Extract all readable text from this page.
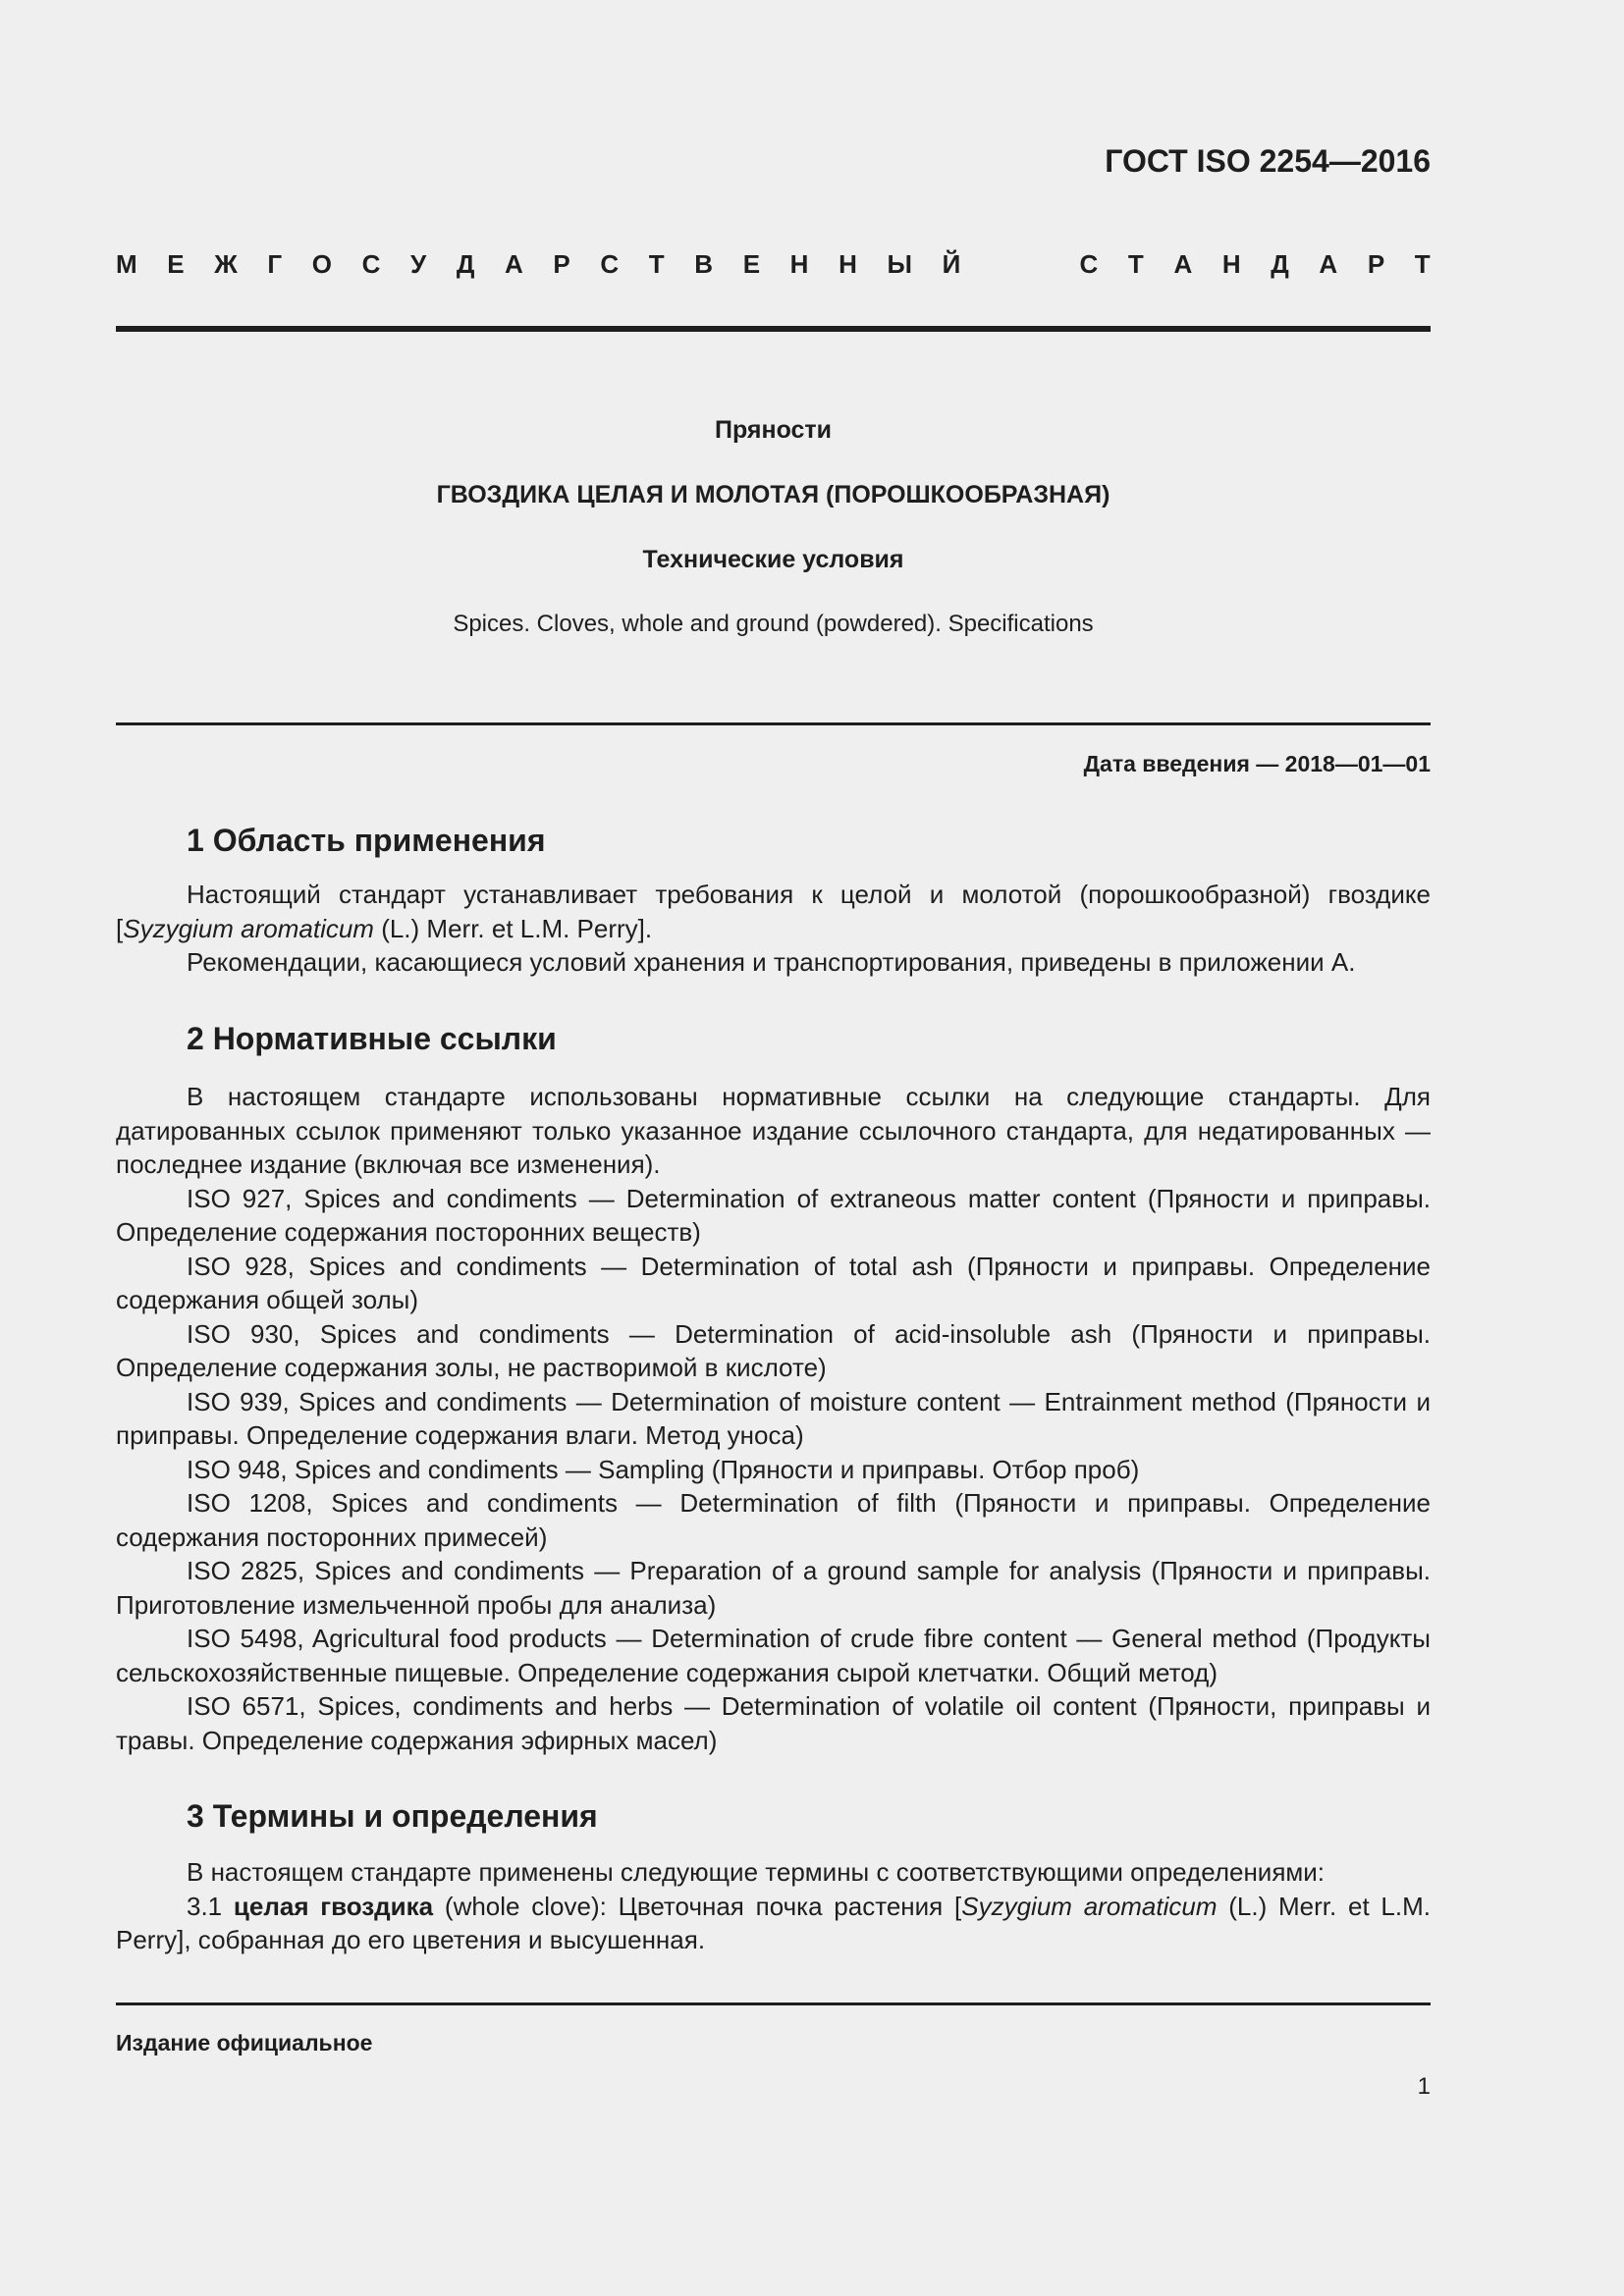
ГОСТ ISO 2254—2016
М Е Ж Г О С У Д А Р С Т В Е Н Н Ы Й	С Т А Н Д А Р Т
Пряности
ГВОЗДИКА ЦЕЛАЯ И МОЛОТАЯ (ПОРОШКООБРАЗНАЯ)
Технические условия
Spices. Cloves, whole and ground (powdered). Specifications
Дата введения — 2018—01—01
1 Область применения

Настоящий стандарт устанавливает требования к целой и молотой (порошкообразной) гвоздике [Syzygium aromaticum (L.) Merr. et L.M. Perry].

Рекомендации, касающиеся условий хранения и транспортирования, приведены в приложении А.

2 Нормативные ссылки

В настоящем стандарте использованы нормативные ссылки на следующие стандарты. Для датированных ссылок применяют только указанное издание ссылочного стандарта, для недатированных — последнее издание (включая все изменения).

ISO 927, Spices and condiments — Determination of extraneous matter content (Пряности и приправы. Определение содержания посторонних веществ)

ISO 928, Spices and condiments — Determination of total ash (Пряности и приправы. Определение содержания общей золы)

ISO 930, Spices and condiments — Determination of acid-insoluble ash (Пряности и приправы. Определение содержания золы, не растворимой в кислоте)

ISO 939, Spices and condiments — Determination of moisture content — Entrainment method (Пряности и приправы. Определение содержания влаги. Метод уноса)

ISO 948, Spices and condiments — Sampling (Пряности и приправы. Отбор проб)

ISO 1208, Spices and condiments — Determination of filth (Пряности и приправы. Определение содержания посторонних примесей)

ISO 2825, Spices and condiments — Preparation of a ground sample for analysis (Пряности и приправы. Приготовление измельченной пробы для анализа)

ISO 5498, Agricultural food products — Determination of crude fibre content — General method (Продукты сельскохозяйственные пищевые. Определение содержания сырой клетчатки. Общий метод)

ISO 6571, Spices, condiments and herbs — Determination of volatile oil content (Пряности, приправы и травы. Определение содержания эфирных масел)

3 Термины и определения

В настоящем стандарте применены следующие термины с соответствующими определениями:

3.1 целая гвоздика (whole clove): Цветочная почка растения [Syzygium aromaticum (L.) Merr. et L.M. Perry], собранная до его цветения и высушенная.

Издание официальное
1
